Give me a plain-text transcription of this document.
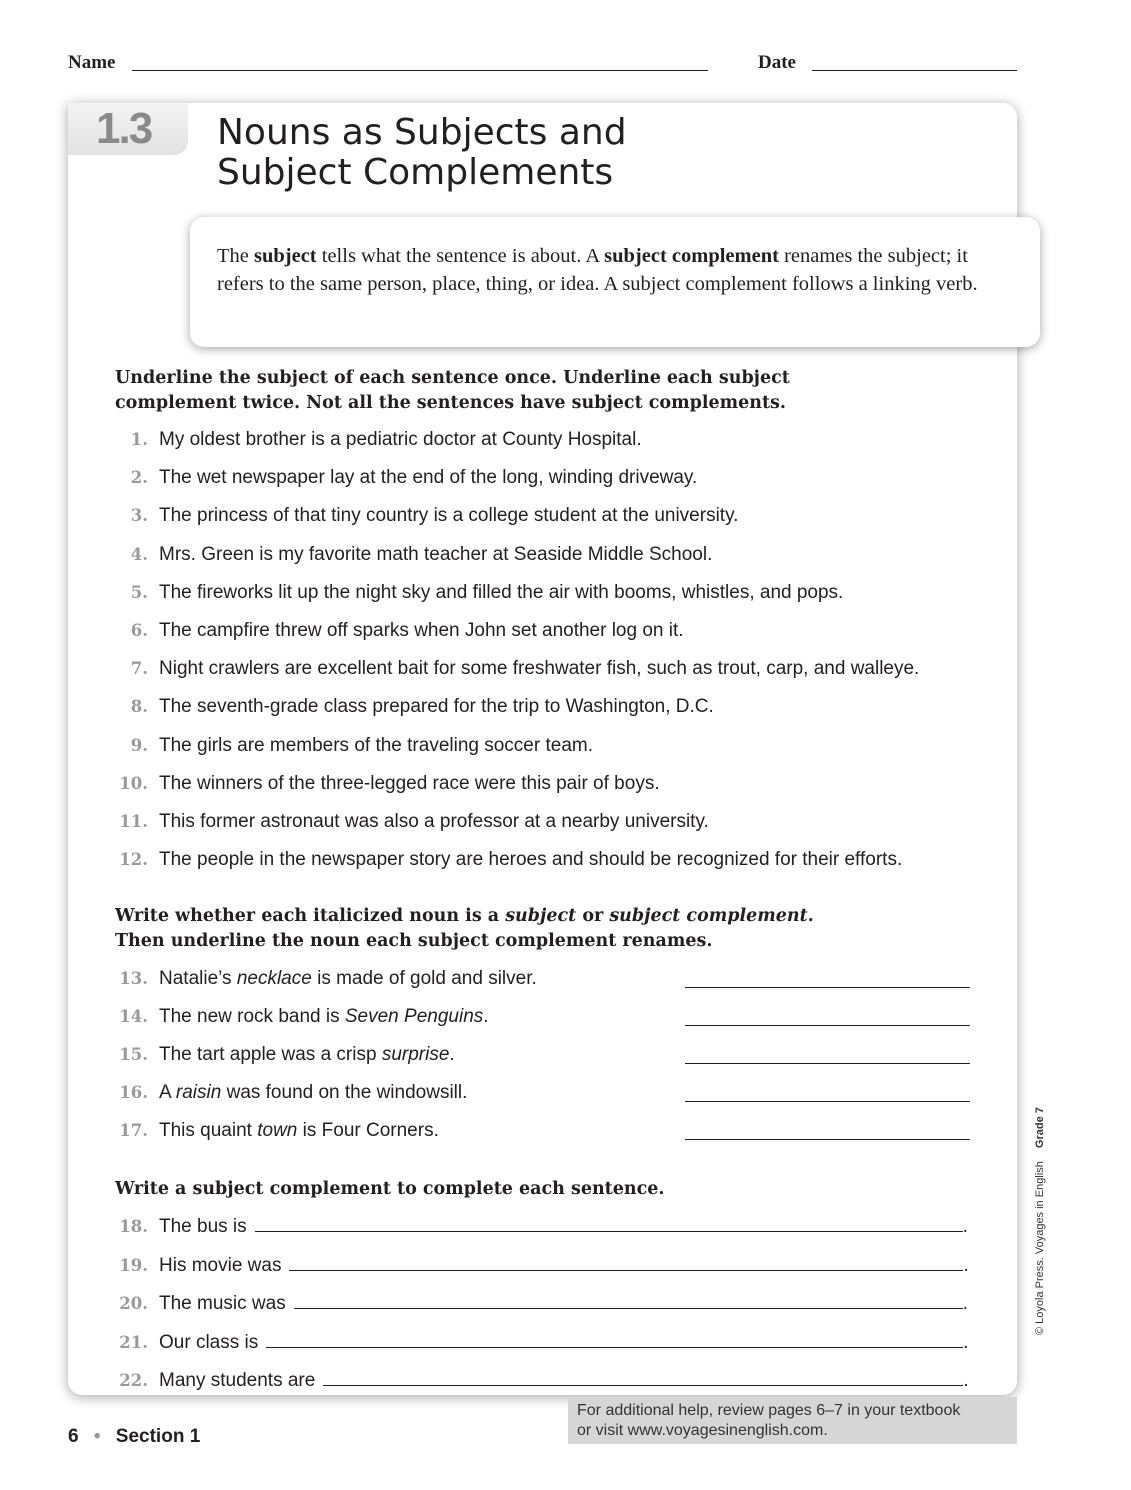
Name	Date
1.3 Nouns as Subjects and
Subject Complements

The subject tells what the sentence is about. A subject complement renames the subject; it refers to the same person, place, thing, or idea. A subject complement follows a linking verb.

Underline the subject of each sentence once. Underline each subject complement twice. Not all the sentences have subject complements.
1. My oldest brother is a pediatric doctor at County Hospital.
2. The wet newspaper lay at the end of the long, winding driveway.
3. The princess of that tiny country is a college student at the university.
4. Mrs. Green is my favorite math teacher at Seaside Middle School.
5. The fireworks lit up the night sky and filled the air with booms, whistles, and pops.
6. The campfire threw off sparks when John set another log on it.
7. Night crawlers are excellent bait for some freshwater fish, such as trout, carp, and walleye.
8. The seventh-grade class prepared for the trip to Washington, D.C.
9. The girls are members of the traveling soccer team.
10. The winners of the three-legged race were this pair of boys.
11. This former astronaut was also a professor at a nearby university.
12. The people in the newspaper story are heroes and should be recognized for their efforts.
Write whether each italicized noun is a subject or subject complement.
Then underline the noun each subject complement renames.
13. Natalie’s necklace is made of gold and silver.
14. The new rock band is Seven Penguins.
15. The tart apple was a crisp surprise.
16. A raisin was found on the windowsill.
17. This quaint town is Four Corners.
Write a subject complement to complete each sentence.
18. The bus is	.
19. His movie was	.
20. The music was	.
21. Our class is	.
22. Many students are	.
For additional help, review pages 6–7 in your textbook
or visit www.voyagesinenglish.com.
6 • Section 1
© Loyola Press. Voyages in English Grade 7
